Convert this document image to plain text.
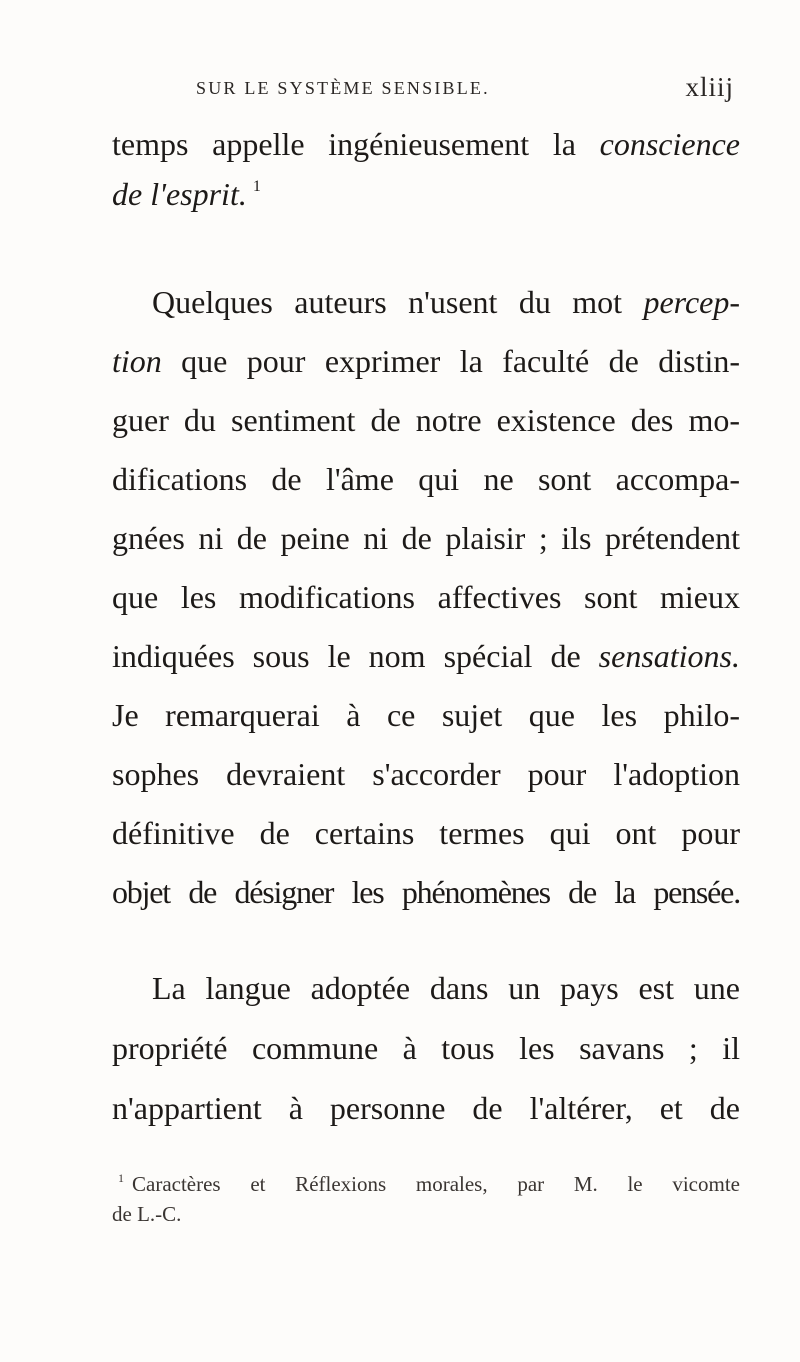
SUR LE SYSTÈME SENSIBLE.	xliij
temps appelle ingénieusement la conscience
de l'esprit. $^1$
Quelques auteurs n'usent du mot percep-
tion que pour exprimer la faculté de distin-
guer du sentiment de notre existence des mo-
difications de l'âme qui ne sont accompa-
gnées ni de peine ni de plaisir ; ils prétendent
que les modifications affectives sont mieux
indiquées sous le nom spécial de sensations.
Je remarquerai à ce sujet que les philo-
sophes devraient s'accorder pour l'adoption
définitive de certains termes qui ont pour
objet de désigner les phénomènes de la pensée.
La langue adoptée dans un pays est une
propriété commune à tous les savans ; il
n'appartient à personne de l'altérer, et de
$^1$ Caractères et Réflexions morales, par M. le vicomte
de L.-C.
